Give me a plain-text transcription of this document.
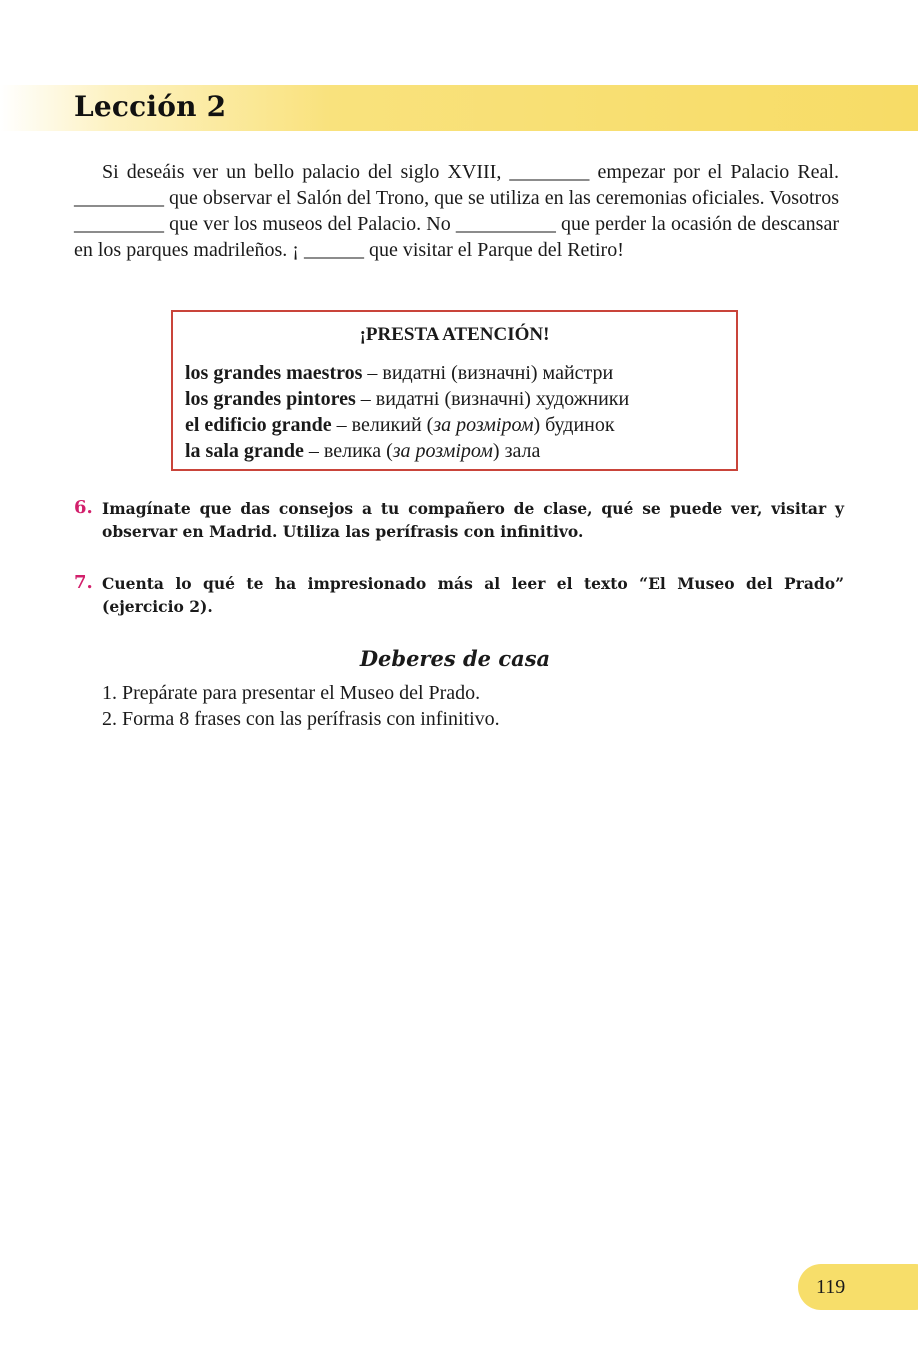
Lección 2

Si deseáis ver un bello palacio del siglo XVIII, ________ empezar por el Palacio Real. _________ que observar el Salón del Trono, que se utiliza en las ceremonias oficiales. Vosotros _________ que ver los museos del Palacio. No __________ que perder la ocasión de descansar en los parques madrileños. ¡ ______ que visitar el Parque del Retiro!

¡PRESTA ATENCIÓN!

los grandes maestros – видатні (визначні) майстри
los grandes pintores – видатні (визначні) художники
el edificio grande – великий (за розміром) будинок
la sala grande – велика (за розміром) зала
6. Imagínate que das consejos a tu compañero de clase, qué se puede ver, visitar y observar en Madrid. Utiliza las perífrasis con infinitivo.

7. Cuenta lo qué te ha impresionado más al leer el texto “El Museo del Prado” (ejercicio 2).

Deberes de casa
1. Prepárate para presentar el Museo del Prado.
2. Forma 8 frases con las perífrasis con infinitivo.
119
